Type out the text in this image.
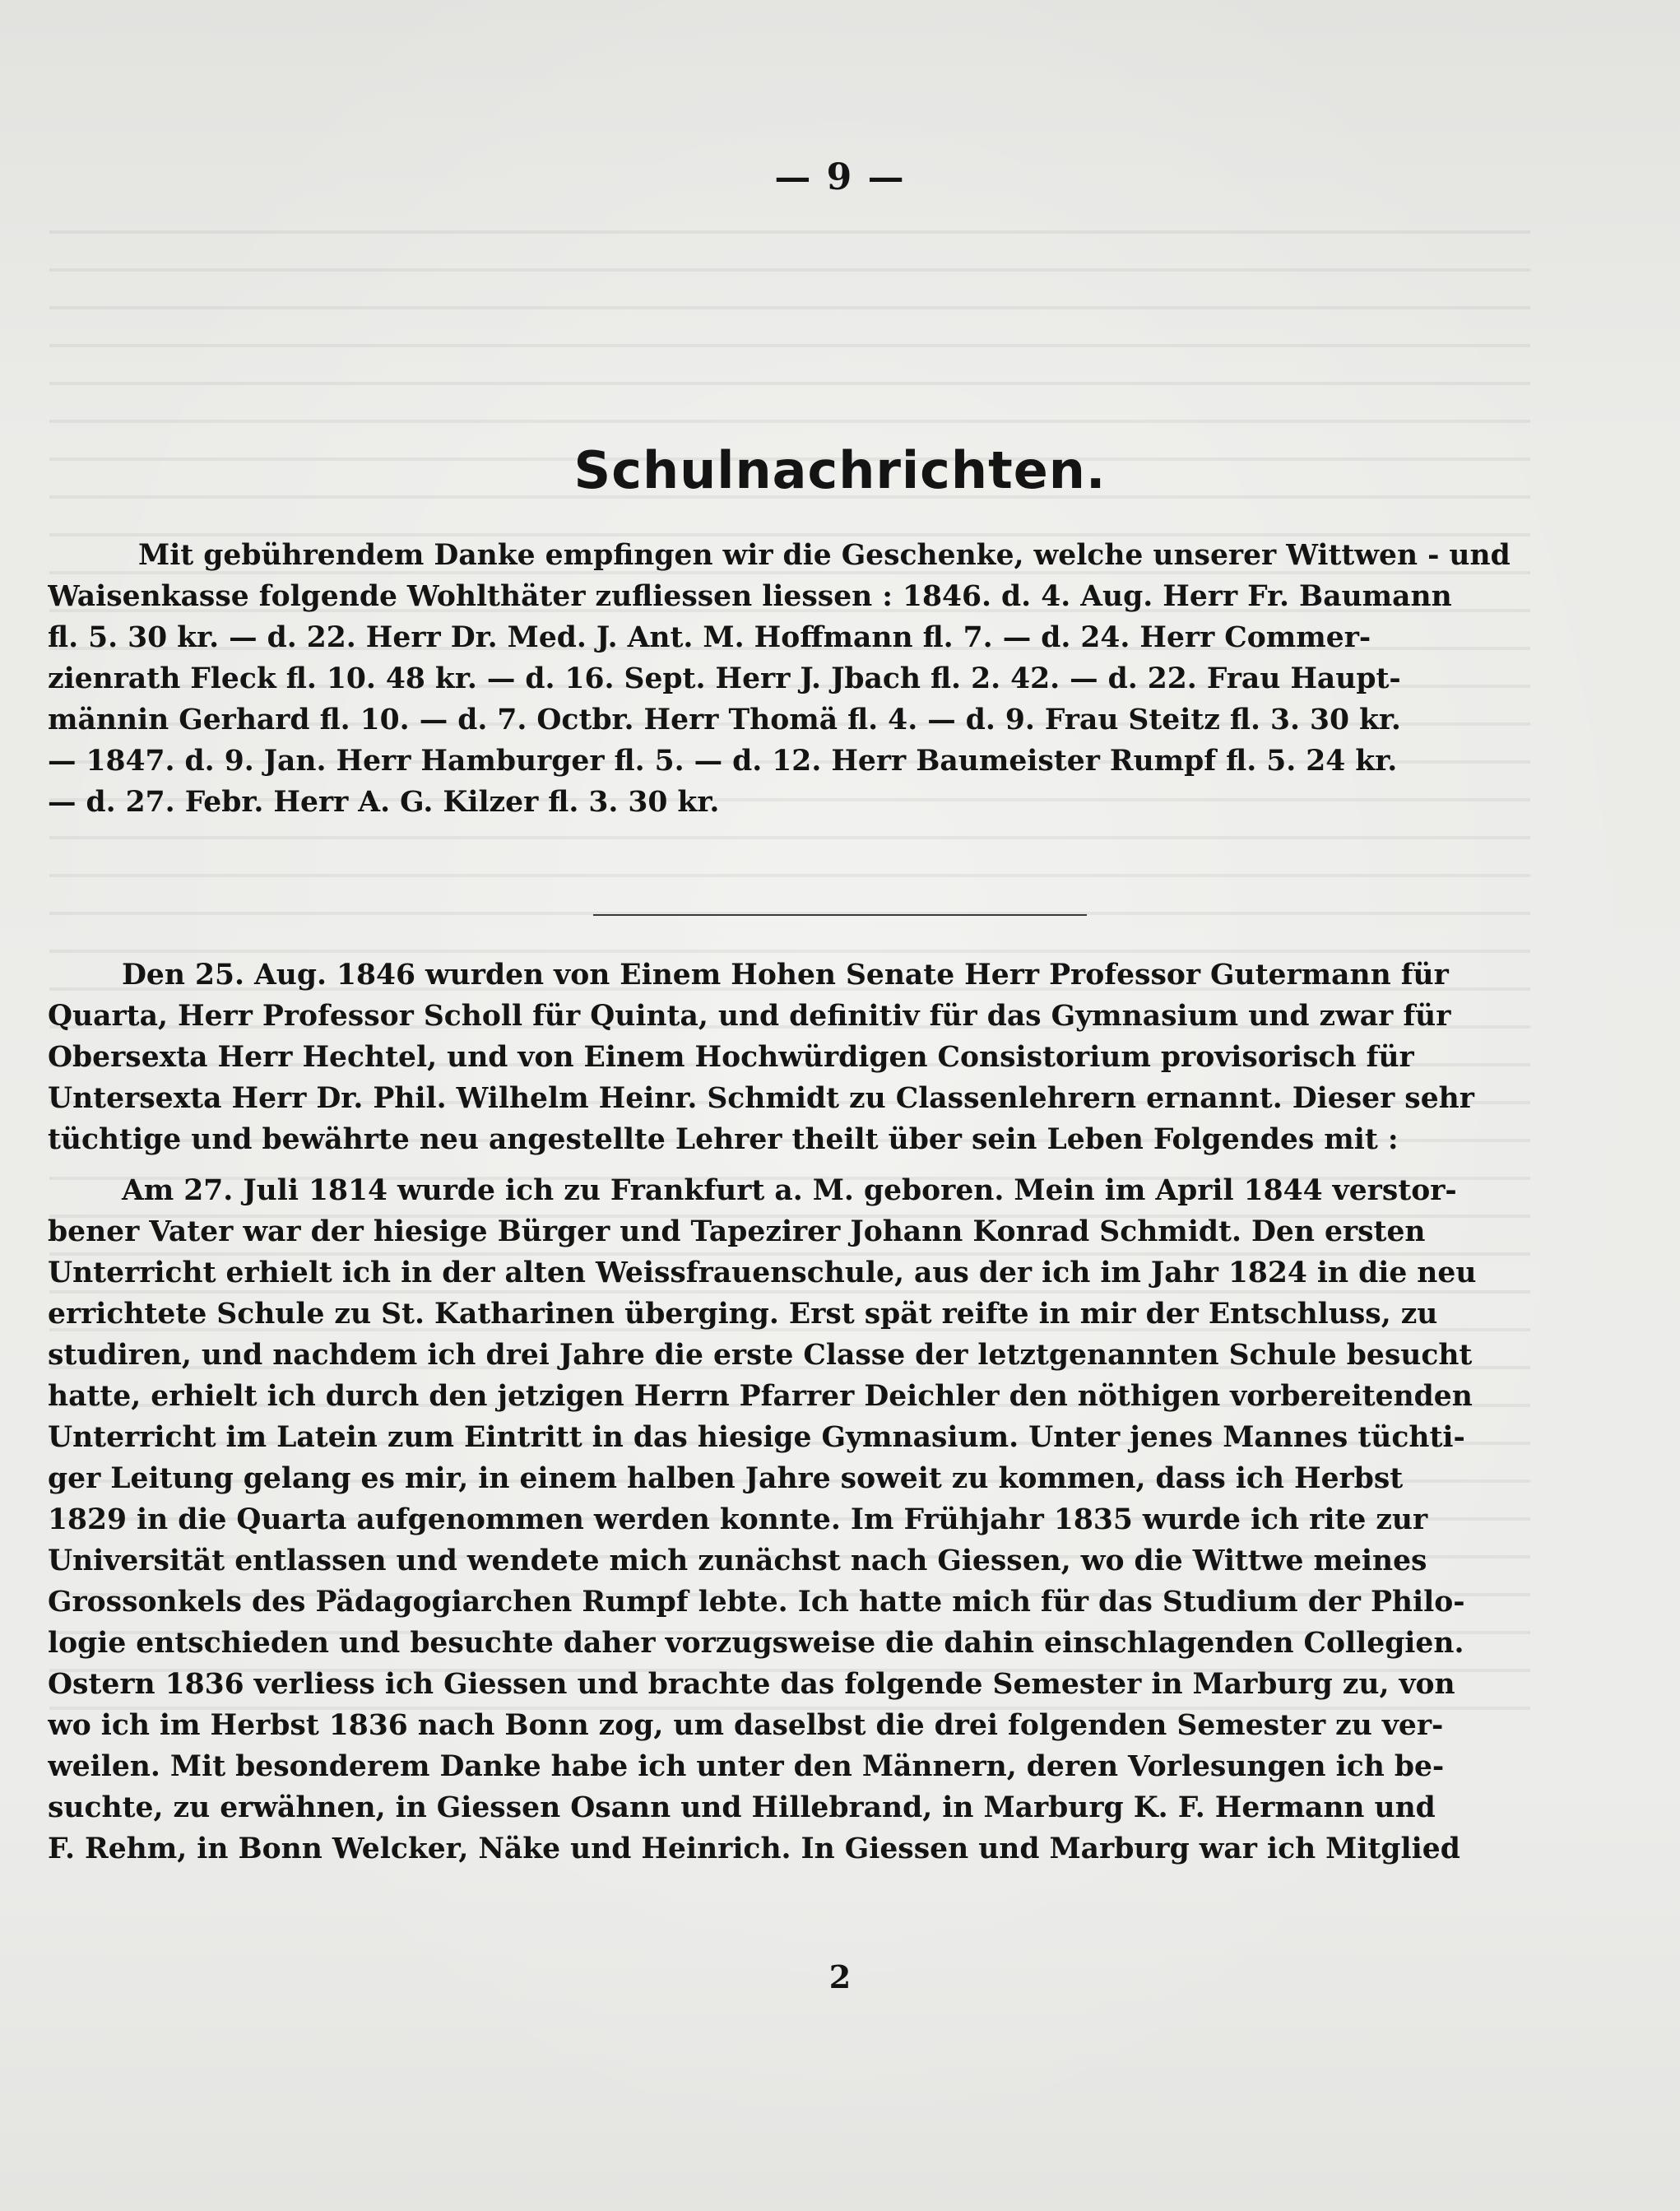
— 9 —
Schulnachrichten.
Mit gebührendem Danke empfingen wir die Geschenke, welche unserer Wittwen - und
Waisenkasse folgende Wohlthäter zufliessen liessen : 1846. d. 4. Aug. Herr Fr. Baumann
fl. 5. 30 kr. — d. 22. Herr Dr. Med. J. Ant. M. Hoffmann fl. 7. — d. 24. Herr Commer-
zienrath Fleck fl. 10. 48 kr. — d. 16. Sept. Herr J. Jbach fl. 2. 42. — d. 22. Frau Haupt-
männin Gerhard fl. 10. — d. 7. Octbr. Herr Thomä fl. 4. — d. 9. Frau Steitz fl. 3. 30 kr.
— 1847. d. 9. Jan. Herr Hamburger fl. 5. — d. 12. Herr Baumeister Rumpf fl. 5. 24 kr.
— d. 27. Febr. Herr A. G. Kilzer fl. 3. 30 kr.
Den 25. Aug. 1846 wurden von Einem Hohen Senate Herr Professor Gutermann für
Quarta, Herr Professor Scholl für Quinta, und definitiv für das Gymnasium und zwar für
Obersexta Herr Hechtel, und von Einem Hochwürdigen Consistorium provisorisch für
Untersexta Herr Dr. Phil. Wilhelm Heinr. Schmidt zu Classenlehrern ernannt. Dieser sehr
tüchtige und bewährte neu angestellte Lehrer theilt über sein Leben Folgendes mit :
Am 27. Juli 1814 wurde ich zu Frankfurt a. M. geboren. Mein im April 1844 verstor-
bener Vater war der hiesige Bürger und Tapezirer Johann Konrad Schmidt. Den ersten
Unterricht erhielt ich in der alten Weissfrauenschule, aus der ich im Jahr 1824 in die neu
errichtete Schule zu St. Katharinen überging. Erst spät reifte in mir der Entschluss, zu
studiren, und nachdem ich drei Jahre die erste Classe der letztgenannten Schule besucht
hatte, erhielt ich durch den jetzigen Herrn Pfarrer Deichler den nöthigen vorbereitenden
Unterricht im Latein zum Eintritt in das hiesige Gymnasium. Unter jenes Mannes tüchti-
ger Leitung gelang es mir, in einem halben Jahre soweit zu kommen, dass ich Herbst
1829 in die Quarta aufgenommen werden konnte. Im Frühjahr 1835 wurde ich rite zur
Universität entlassen und wendete mich zunächst nach Giessen, wo die Wittwe meines
Grossonkels des Pädagogiarchen Rumpf lebte. Ich hatte mich für das Studium der Philo-
logie entschieden und besuchte daher vorzugsweise die dahin einschlagenden Collegien.
Ostern 1836 verliess ich Giessen und brachte das folgende Semester in Marburg zu, von
wo ich im Herbst 1836 nach Bonn zog, um daselbst die drei folgenden Semester zu ver-
weilen. Mit besonderem Danke habe ich unter den Männern, deren Vorlesungen ich be-
suchte, zu erwähnen, in Giessen Osann und Hillebrand, in Marburg K. F. Hermann und
F. Rehm, in Bonn Welcker, Näke und Heinrich. In Giessen und Marburg war ich Mitglied
2
